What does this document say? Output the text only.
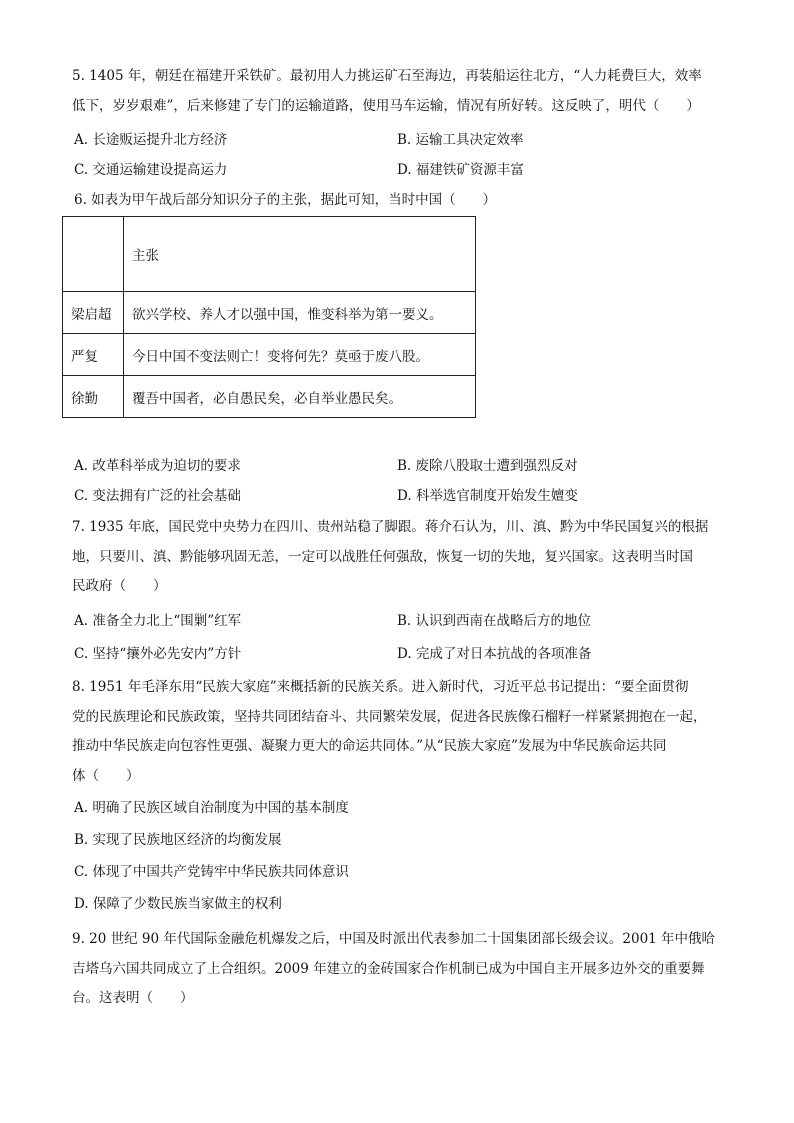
5. 1405 年，朝廷在福建开采铁矿。最初用人力挑运矿石至海边，再装船运往北方，“人力耗费巨大，效率
低下，岁岁艰难”，后来修建了专门的运输道路，使用马车运输，情况有所好转。这反映了，明代（　　）
A. 长途贩运提升北方经济	B. 运输工具决定效率
C. 交通运输建设提高运力	D. 福建铁矿资源丰富
6. 如表为甲午战后部分知识分子的主张，据此可知，当时中国（　　）
	主张
梁启超	欲兴学校、养人才以强中国，惟变科举为第一要义。
严复	今日中国不变法则亡！变将何先？莫亟于废八股。
徐勤	覆吾中国者，必自愚民矣，必自举业愚民矣。
A. 改革科举成为迫切的要求	B. 废除八股取士遭到强烈反对
C. 变法拥有广泛的社会基础	D. 科举选官制度开始发生嬗变
7. 1935 年底，国民党中央势力在四川、贵州站稳了脚跟。蒋介石认为，川、滇、黔为中华民国复兴的根据
地，只要川、滇、黔能够巩固无恙，一定可以战胜任何强敌，恢复一切的失地，复兴国家。这表明当时国
民政府（　　）
A. 准备全力北上“围剿”红军	B. 认识到西南在战略后方的地位
C. 坚持“攘外必先安内”方针	D. 完成了对日本抗战的各项准备
8. 1951 年毛泽东用“民族大家庭”来概括新的民族关系。进入新时代，习近平总书记提出：“要全面贯彻
党的民族理论和民族政策，坚持共同团结奋斗、共同繁荣发展，促进各民族像石榴籽一样紧紧拥抱在一起，
推动中华民族走向包容性更强、凝聚力更大的命运共同体。”从“民族大家庭”发展为中华民族命运共同
体（　　）
A. 明确了民族区域自治制度为中国的基本制度
B. 实现了民族地区经济的均衡发展
C. 体现了中国共产党铸牢中华民族共同体意识
D. 保障了少数民族当家做主的权利
9. 20 世纪 90 年代国际金融危机爆发之后，中国及时派出代表参加二十国集团部长级会议。2001 年中俄哈
吉塔乌六国共同成立了上合组织。2009 年建立的金砖国家合作机制已成为中国自主开展多边外交的重要舞
台。这表明（　　）
